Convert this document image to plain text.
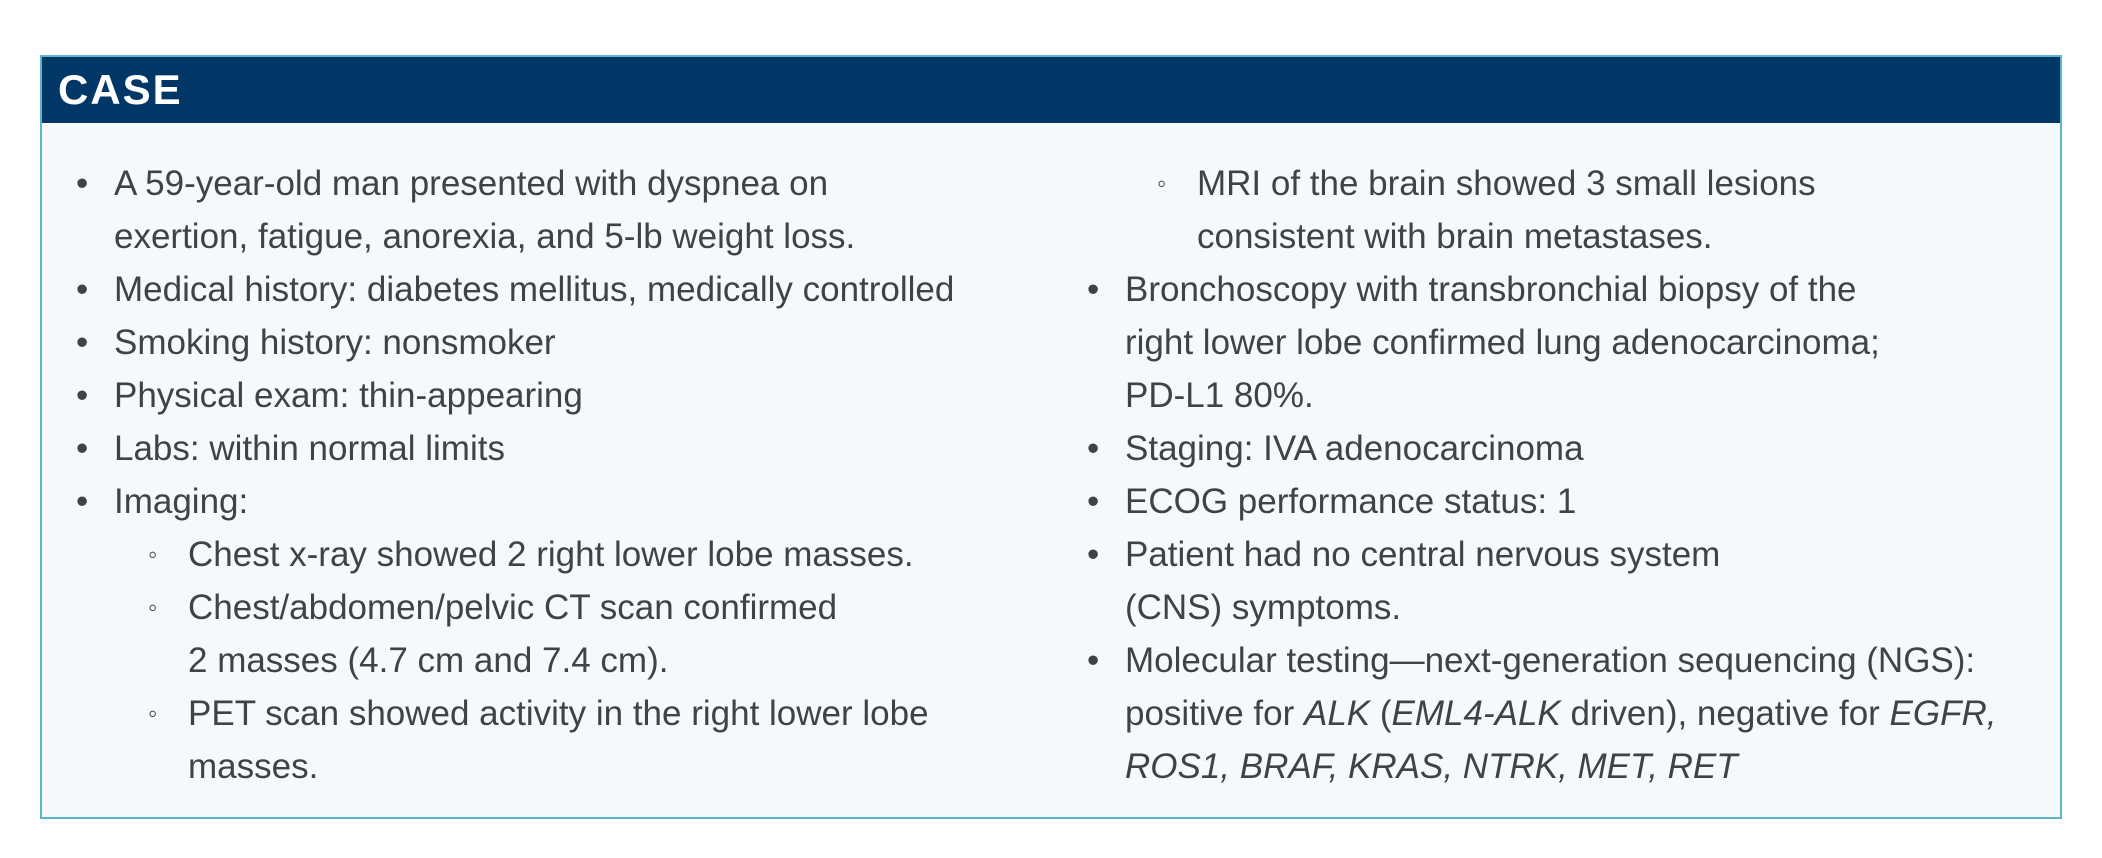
CASE
• A 59-year-old man presented with dyspnea on exertion, fatigue, anorexia, and 5-lb weight loss.
• Medical history: diabetes mellitus, medically controlled
• Smoking history: nonsmoker
• Physical exam: thin-appearing
• Labs: within normal limits
• Imaging:
◦ Chest x-ray showed 2 right lower lobe masses.
◦ Chest/abdomen/pelvic CT scan confirmed
2 masses (4.7 cm and 7.4 cm).
◦ PET scan showed activity in the right lower lobe masses.
◦ MRI of the brain showed 3 small lesions consistent with brain metastases.
• Bronchoscopy with transbronchial biopsy of the
right lower lobe confirmed lung adenocarcinoma;
PD-L1 80%.
• Staging: IVA adenocarcinoma
• ECOG performance status: 1
• Patient had no central nervous system
(CNS) symptoms.
• Molecular testing—next-generation sequencing (NGS): positive for ALK (EML4-ALK driven), negative for EGFR, ROS1, BRAF, KRAS, NTRK, MET, RET
